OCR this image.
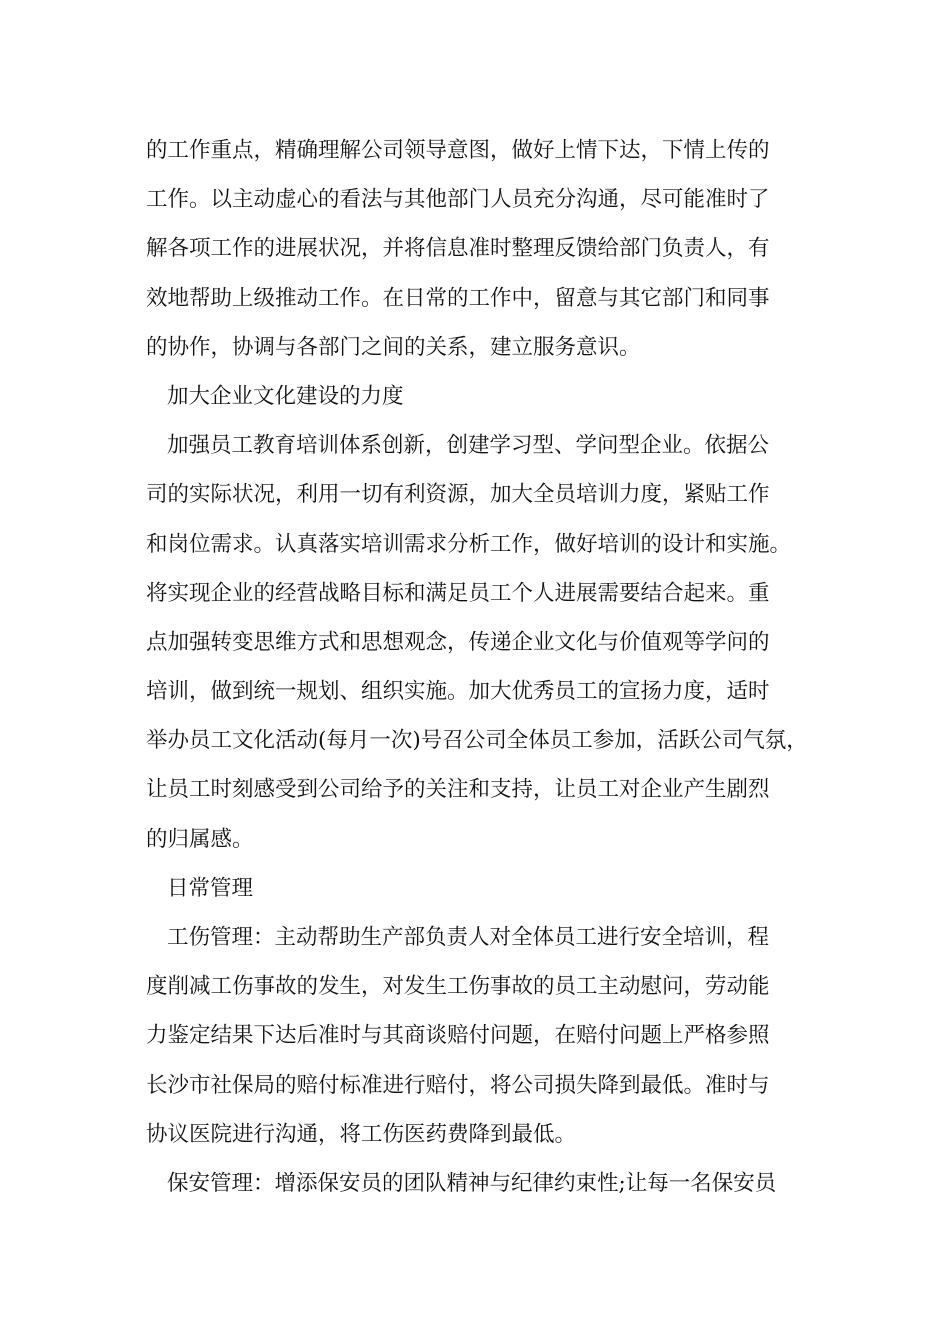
的工作重点，精确理解公司领导意图，做好上情下达，下情上传的
工作。以主动虚心的看法与其他部门人员充分沟通，尽可能准时了
解各项工作的进展状况，并将信息准时整理反馈给部门负责人，有
效地帮助上级推动工作。在日常的工作中，留意与其它部门和同事
的协作，协调与各部门之间的关系，建立服务意识。
加大企业文化建设的力度
加强员工教育培训体系创新，创建学习型、学问型企业。依据公
司的实际状况，利用一切有利资源，加大全员培训力度，紧贴工作
和岗位需求。认真落实培训需求分析工作，做好培训的设计和实施。
将实现企业的经营战略目标和满足员工个人进展需要结合起来。重
点加强转变思维方式和思想观念，传递企业文化与价值观等学问的
培训，做到统一规划、组织实施。加大优秀员工的宣扬力度，适时
举办员工文化活动(每月一次)号召公司全体员工参加，活跃公司气氛，
让员工时刻感受到公司给予的关注和支持，让员工对企业产生剧烈
的归属感。
日常管理
工伤管理：主动帮助生产部负责人对全体员工进行安全培训，程
度削减工伤事故的发生，对发生工伤事故的员工主动慰问，劳动能
力鉴定结果下达后准时与其商谈赔付问题，在赔付问题上严格参照
长沙市社保局的赔付标准进行赔付，将公司损失降到最低。准时与
协议医院进行沟通，将工伤医药费降到最低。
保安管理：增添保安员的团队精神与纪律约束性;让每一名保安员
